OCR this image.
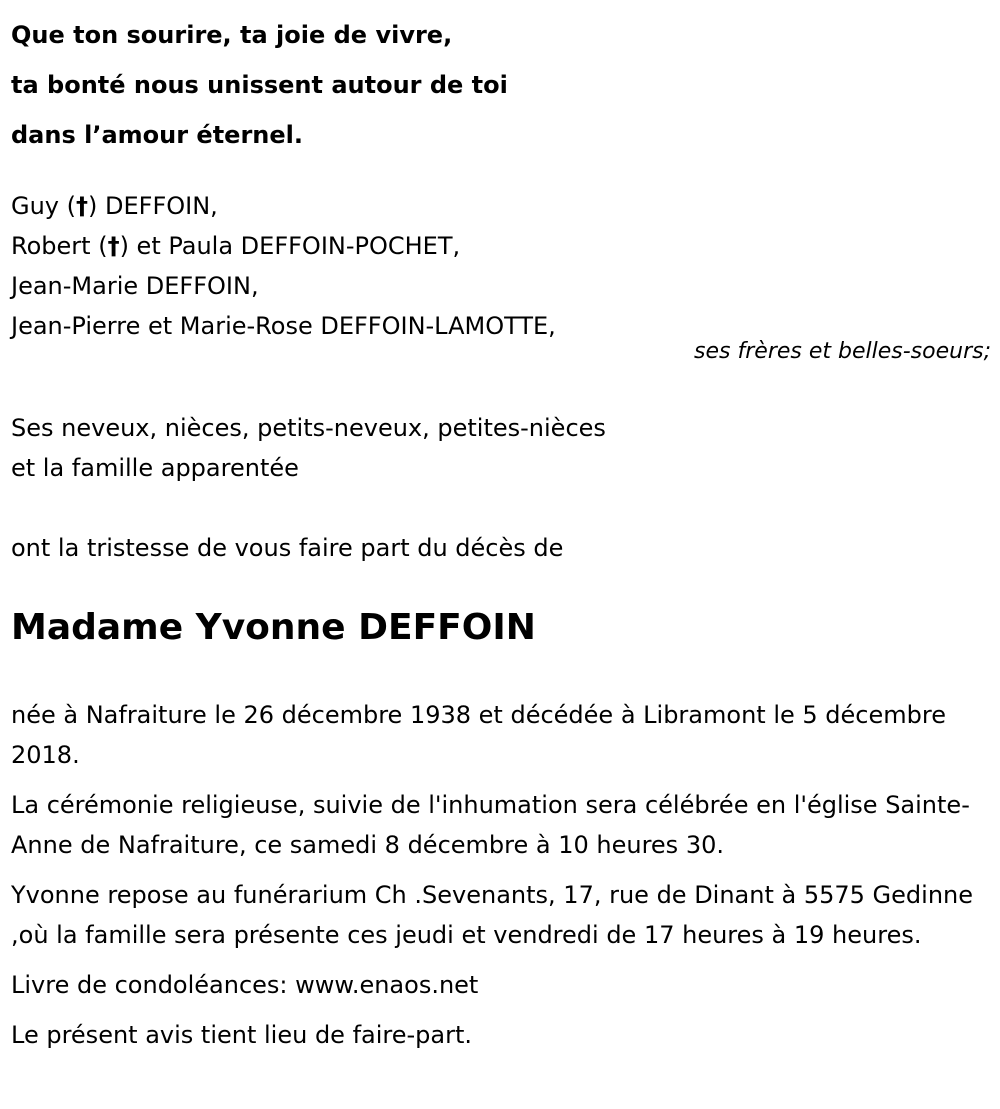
Que ton sourire, ta joie de vivre,
ta bonté nous unissent autour de toi
dans l’amour éternel.
Guy (†) DEFFOIN,
Robert (†) et Paula DEFFOIN-POCHET,
Jean-Marie DEFFOIN,
Jean-Pierre et Marie-Rose DEFFOIN-LAMOTTE,
ses frères et belles-soeurs;
Ses neveux, nièces, petits-neveux, petites-nièces
et la famille apparentée
ont la tristesse de vous faire part du décès de
Madame Yvonne DEFFOIN

née à Nafraiture le 26 décembre 1938 et décédée à Libramont le 5 décembre 2018.

La cérémonie religieuse, suivie de l'inhumation sera célébrée en l'église Sainte-Anne de Nafraiture, ce samedi 8 décembre à 10 heures 30.

Yvonne repose au funérarium Ch .Sevenants, 17, rue de Dinant à 5575 Gedinne ,où la famille sera présente ces jeudi et vendredi de 17 heures à 19 heures.

Livre de condoléances: www.enaos.net

Le présent avis tient lieu de faire-part.
